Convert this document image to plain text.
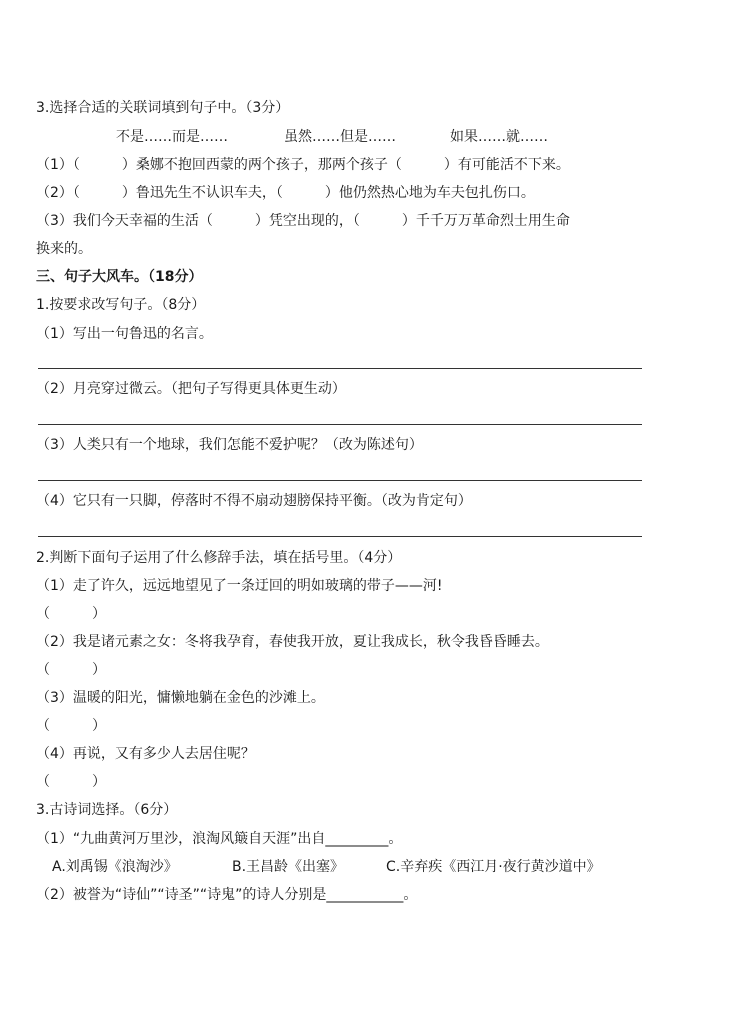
3.选择合适的关联词填到句子中。（3分）
不是……而是……	虽然……但是……	如果……就……
（1）（　　　）桑娜不抱回西蒙的两个孩子，那两个孩子（　　　）有可能活不下来。
（2）（　　　）鲁迅先生不认识车夫，（　　　）他仍然热心地为车夫包扎伤口。
（3）我们今天幸福的生活（　　　）凭空出现的，（　　　）千千万万革命烈士用生命
换来的。
三、句子大风车。（18分）
1.按要求改写句子。（8分）
（1）写出一句鲁迅的名言。
（2）月亮穿过微云。（把句子写得更具体更生动）
（3）人类只有一个地球，我们怎能不爱护呢？（改为陈述句）
（4）它只有一只脚，停落时不得不扇动翅膀保持平衡。（改为肯定句）
2.判断下面句子运用了什么修辞手法，填在括号里。（4分）
（1）走了许久，远远地望见了一条迂回的明如玻璃的带子——河!
（　　　）
（2）我是诸元素之女：冬将我孕育，春使我开放，夏让我成长，秋令我昏昏睡去。
（　　　）
（3）温暖的阳光，慵懒地躺在金色的沙滩上。
（　　　）
（4）再说，又有多少人去居住呢？
（　　　）
3.古诗词选择。（6分）
（1）“九曲黄河万里沙，浪淘风簸自天涯”出自_________。
A.刘禹锡《浪淘沙》	B.王昌龄《出塞》	C.辛弃疾《西江月·夜行黄沙道中》
（2）被誉为“诗仙”“诗圣”“诗鬼”的诗人分别是___________。
